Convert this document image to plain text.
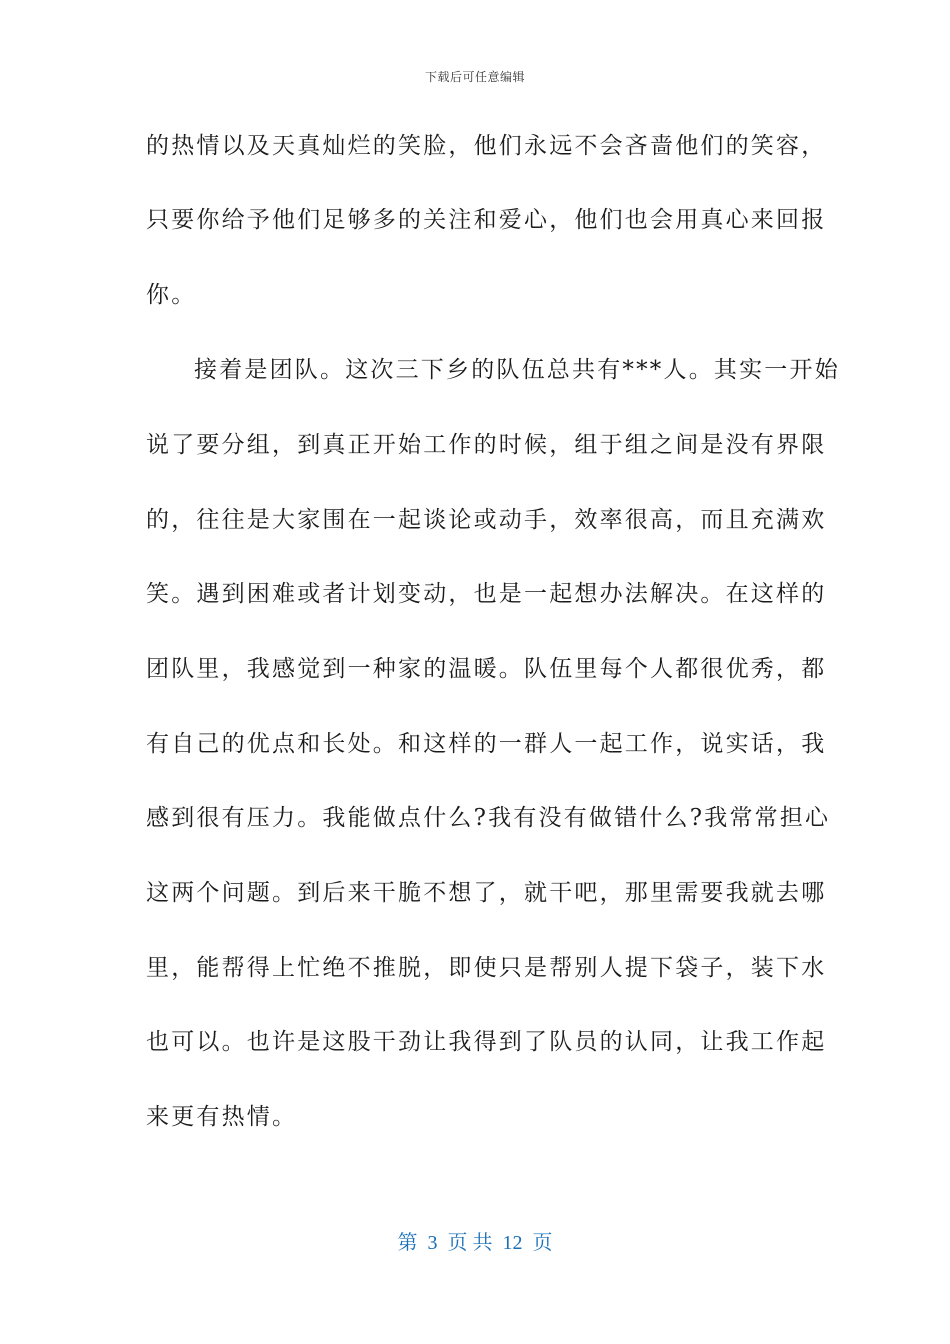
下载后可任意编辑
的热情以及天真灿烂的笑脸，他们永远不会吝啬他们的笑容，
只要你给予他们足够多的关注和爱心，他们也会用真心来回报
你。
接着是团队。这次三下乡的队伍总共有***人。其实一开始
说了要分组，到真正开始工作的时候，组于组之间是没有界限
的，往往是大家围在一起谈论或动手，效率很高，而且充满欢
笑。遇到困难或者计划变动，也是一起想办法解决。在这样的
团队里，我感觉到一种家的温暖。队伍里每个人都很优秀，都
有自己的优点和长处。和这样的一群人一起工作，说实话，我
感到很有压力。我能做点什么?我有没有做错什么?我常常担心
这两个问题。到后来干脆不想了，就干吧，那里需要我就去哪
里，能帮得上忙绝不推脱，即使只是帮别人提下袋子，装下水
也可以。也许是这股干劲让我得到了队员的认同，让我工作起
来更有热情。
第  3  页 共  12  页
